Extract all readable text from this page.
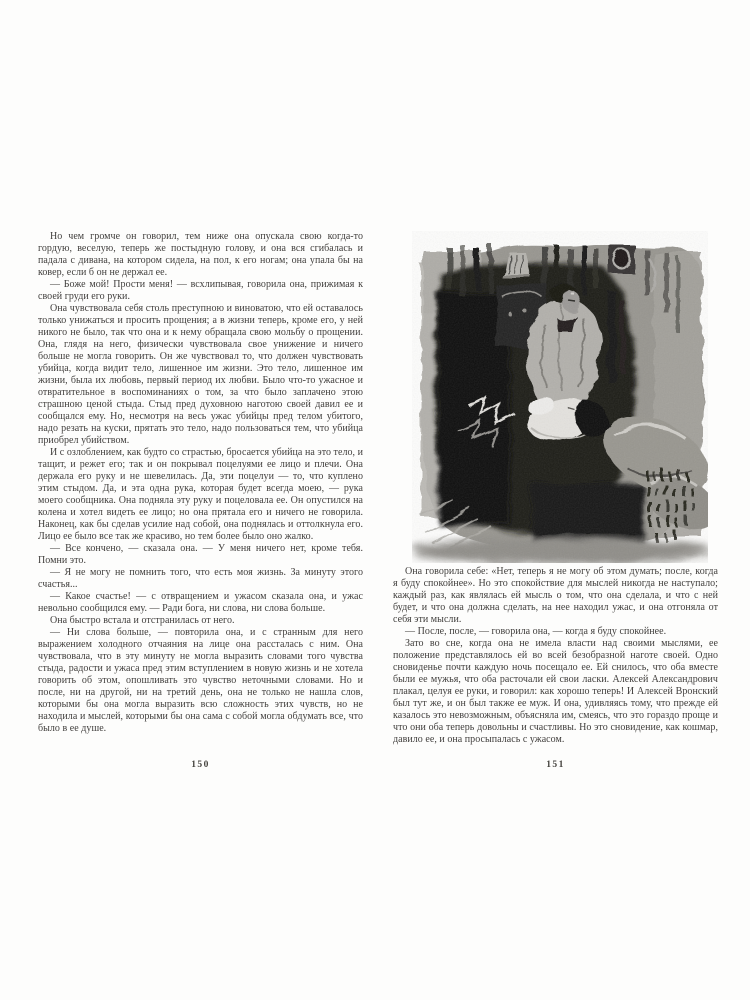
Но чем громче он говорил, тем ниже она опускала свою когда-то гордую, веселую, теперь же постыдную голову, и она вся сгибалась и падала с дивана, на котором сидела, на пол, к его ногам; она упала бы на ковер, если б он не держал ее.

— Боже мой! Прости меня! — всхлипывая, говорила она, прижимая к своей груди его руки.

Она чувствовала себя столь преступною и виноватою, что ей оставалось только унижаться и просить прощения; а в жизни теперь, кроме его, у ней никого не было, так что она и к нему обращала свою мольбу о прощении. Она, глядя на него, физически чувствовала свое унижение и ничего больше не могла говорить. Он же чувствовал то, что должен чувствовать убийца, когда видит тело, лишенное им жизни. Это тело, лишенное им жизни, была их любовь, первый период их любви. Было что-то ужасное и отвратительное в воспоминаниях о том, за что было заплачено этою страшною ценой стыда. Стыд пред духовною наготою своей давил ее и сообщался ему. Но, несмотря на весь ужас убийцы пред телом убитого, надо резать на куски, прятать это тело, надо пользоваться тем, что убийца приобрел убийством.

И с озлоблением, как будто со страстью, бросается убийца на это тело, и тащит, и режет его; так и он покрывал поцелуями ее лицо и плечи. Она держала его руку и не шевелилась. Да, эти поцелуи — то, что куплено этим стыдом. Да, и эта одна рука, которая будет всегда моею, — рука моего сообщника. Она подняла эту руку и поцеловала ее. Он опустился на колена и хотел видеть ее лицо; но она прятала его и ничего не говорила. Наконец, как бы сделав усилие над собой, она поднялась и оттолкнула его. Лицо ее было все так же красиво, но тем более было оно жалко.

— Все кончено, — сказала она. — У меня ничего нет, кроме тебя. Помни это.

— Я не могу не помнить того, что есть моя жизнь. За минуту этого счастья...

— Какое счастье! — с отвращением и ужасом сказала она, и ужас невольно сообщился ему. — Ради бога, ни слова, ни слова больше.

Она быстро встала и отстранилась от него.

— Ни слова больше, — повторила она, и с странным для него выражением холодного отчаяния на лице она рассталась с ним. Она чувствовала, что в эту минуту не могла выразить словами того чувства стыда, радости и ужаса пред этим вступлением в новую жизнь и не хотела говорить об этом, опошливать это чувство неточными словами. Но и после, ни на другой, ни на третий день, она не только не нашла слов, которыми бы она могла выразить всю сложность этих чувств, но не находила и мыслей, которыми бы она сама с собой могла обдумать все, что было в ее душе.

150

Она говорила себе: «Нет, теперь я не могу об этом думать; после, когда я буду спокойнее». Но это спокойствие для мыслей никогда не наступало; каждый раз, как являлась ей мысль о том, что она сделала, и что с ней будет, и что она должна сделать, на нее находил ужас, и она отгоняла от себя эти мысли.

— После, после, — говорила она, — когда я буду спокойнее.

Зато во сне, когда она не имела власти над своими мыслями, ее положение представлялось ей во всей безобразной наготе своей. Одно сновиденье почти каждую ночь посещало ее. Ей снилось, что оба вместе были ее мужья, что оба расточали ей свои ласки. Алексей Александрович плакал, целуя ее руки, и говорил: как хорошо теперь! И Алексей Вронский был тут же, и он был также ее муж. И она, удивляясь тому, что прежде ей казалось это невозможным, объясняла им, смеясь, что это гораздо проще и что они оба теперь довольны и счастливы. Но это сновидение, как кошмар, давило ее, и она просыпалась с ужасом.

151
